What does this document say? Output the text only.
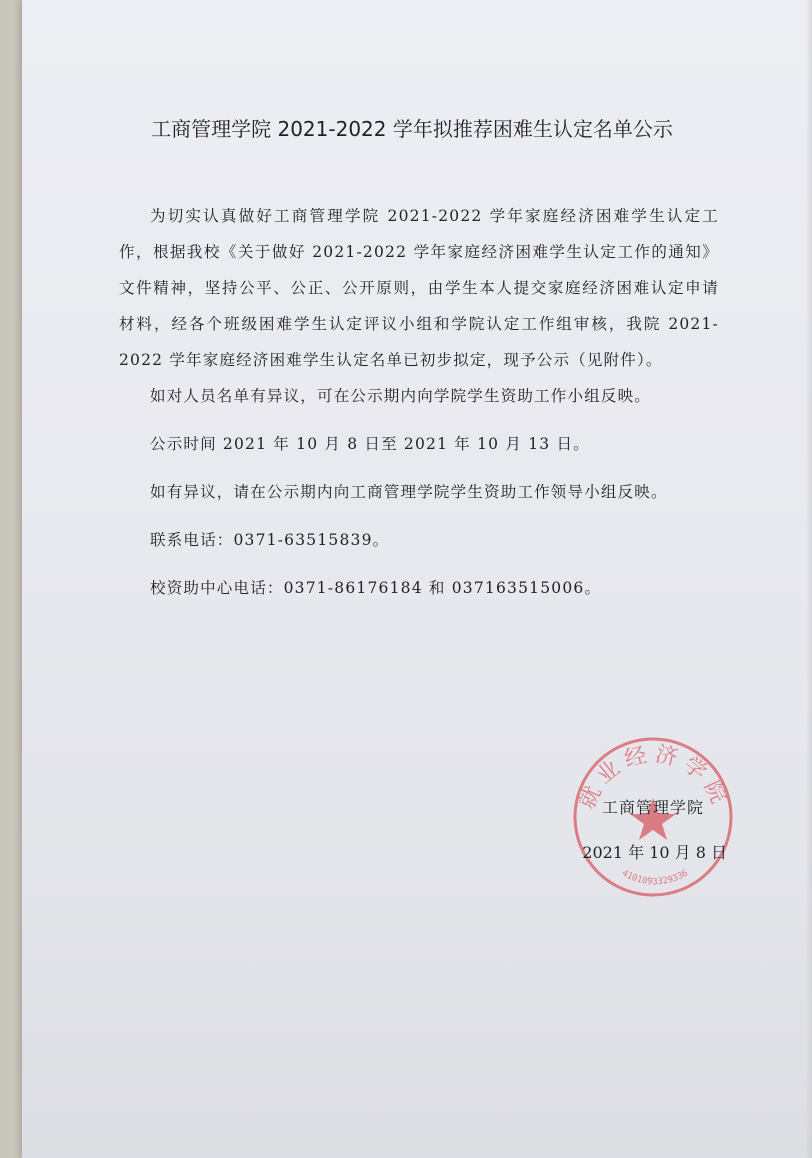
工商管理学院 2021-2022 学年拟推荐困难生认定名单公示

为切实认真做好工商管理学院 2021-2022 学年家庭经济困难学生认定工作，根据我校《关于做好 2021-2022 学年家庭经济困难学生认定工作的通知》文件精神，坚持公平、公正、公开原则，由学生本人提交家庭经济困难认定申请材料，经各个班级困难学生认定评议小组和学院认定工作组审核，我院 2021-2022 学年家庭经济困难学生认定名单已初步拟定，现予公示（见附件）。

如对人员名单有异议，可在公示期内向学院学生资助工作小组反映。

公示时间 2021 年 10 月 8 日至 2021 年 10 月 13 日。

如有异议，请在公示期内向工商管理学院学生资助工作领导小组反映。

联系电话：0371-63515839。

校资助中心电话：0371-86176184 和 037163515006。

就业经济学院
4101093329336
工商管理学院
2021 年 10 月 8 日
